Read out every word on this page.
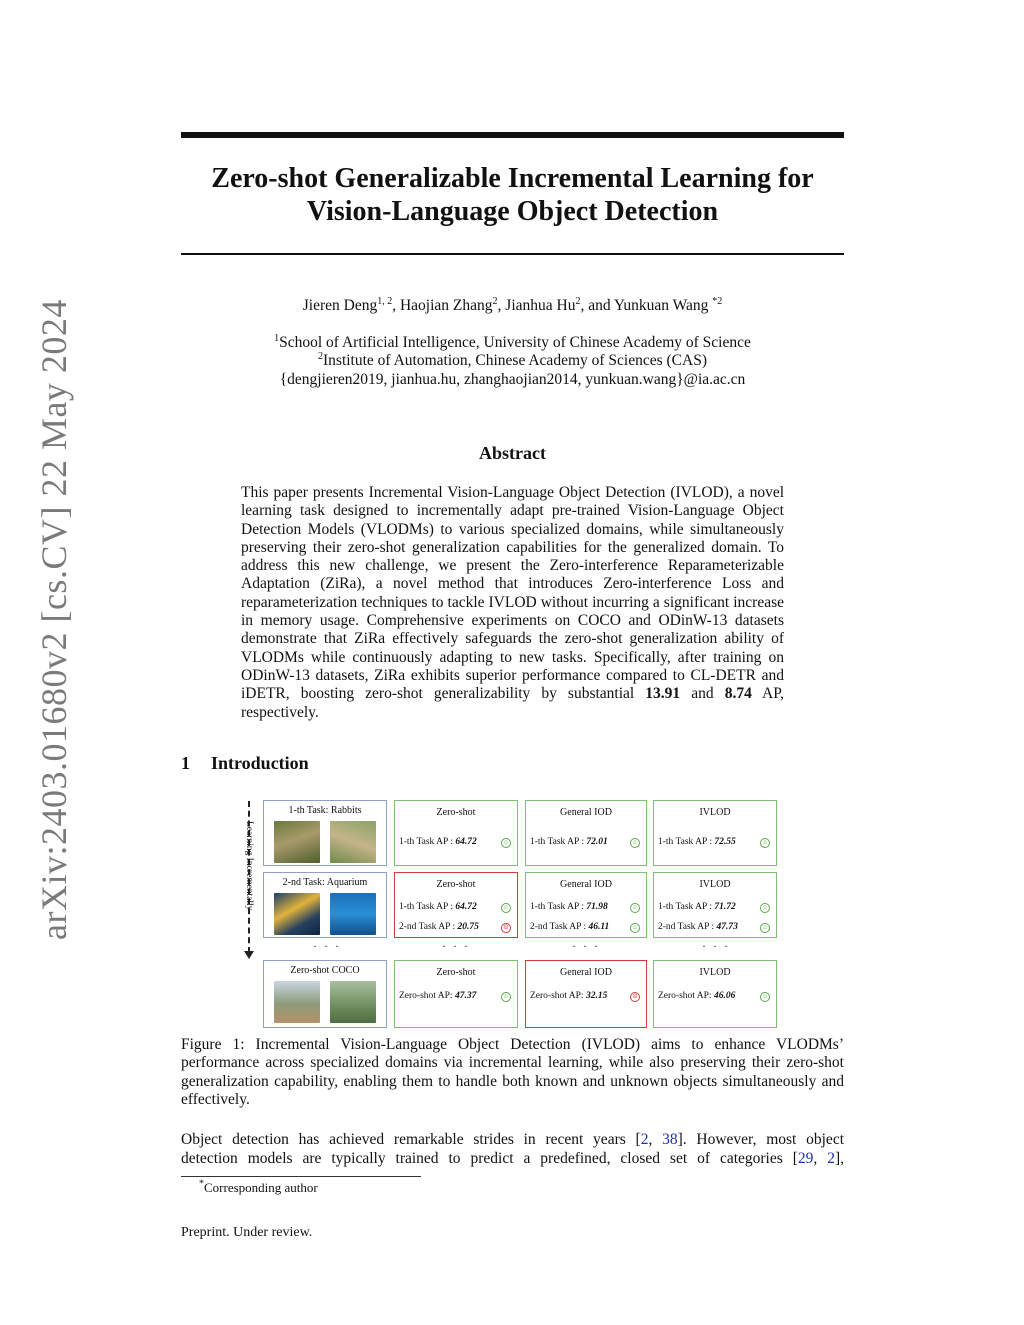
arXiv:2403.01680v2 [cs.CV] 22 May 2024
Zero-shot Generalizable Incremental Learning for
Vision-Language Object Detection
Jieren Deng$^{1, 2}$, Haojian Zhang$^2$, Jianhua Hu$^2$, and Yunkuan Wang $^{*2}$
$^1$School of Artificial Intelligence, University of Chinese Academy of Science
$^2$Institute of Automation, Chinese Academy of Sciences (CAS)
{dengjieren2019, jianhua.hu, zhanghaojian2014, yunkuan.wang}@ia.ac.cn
Abstract
This paper presents Incremental Vision-Language Object Detection (IVLOD), a novel learning task designed to incrementally adapt pre-trained Vision-Language Object Detection Models (VLODMs) to various specialized domains, while simultaneously preserving their zero-shot generalization capabilities for the generalized domain. To address this new challenge, we present the Zero-interference Reparameterizable Adaptation (ZiRa), a novel method that introduces Zero-interference Loss and reparameterization techniques to tackle IVLOD without incurring a significant increase in memory usage. Comprehensive experiments on COCO and ODinW-13 datasets demonstrate that ZiRa effectively safeguards the zero-shot generalization ability of VLODMs while continuously adapting to new tasks. Specifically, after training on ODinW-13 datasets, ZiRa exhibits superior performance compared to CL-DETR and iDETR, boosting zero-shot generalizability by substantial 13.91 and 8.74 AP, respectively.
1 Introduction
Learning Incrementally
1-th Task: Rabbits
2-nd Task: Aquarium
Zero-shot COCO
Zero-shot
1-th Task AP : 64.72	☺
General IOD
1-th Task AP : 72.01	☺
IVLOD
1-th Task AP : 72.55	☺
Zero-shot
1-th Task AP : 64.72	☺
2-nd Task AP : 20.75	☹
General IOD
1-th Task AP : 71.98	☺
2-nd Task AP : 46.11	☺
IVLOD
1-th Task AP : 71.72	☺
2-nd Task AP : 47.73	☺
· · ·	· · ·	· · ·	· · ·
Zero-shot
Zero-shot AP: 47.37	☺
General IOD
Zero-shot AP: 32.15	☹
IVLOD
Zero-shot AP: 46.06	☺
Figure 1: Incremental Vision-Language Object Detection (IVLOD) aims to enhance VLODMs’ performance across specialized domains via incremental learning, while also preserving their zero-shot generalization capability, enabling them to handle both known and unknown objects simultaneously and effectively.
Object detection has achieved remarkable strides in recent years [2, 38]. However, most object
detection models are typically trained to predict a predefined, closed set of categories [29, 2],
*Corresponding author
Preprint. Under review.
